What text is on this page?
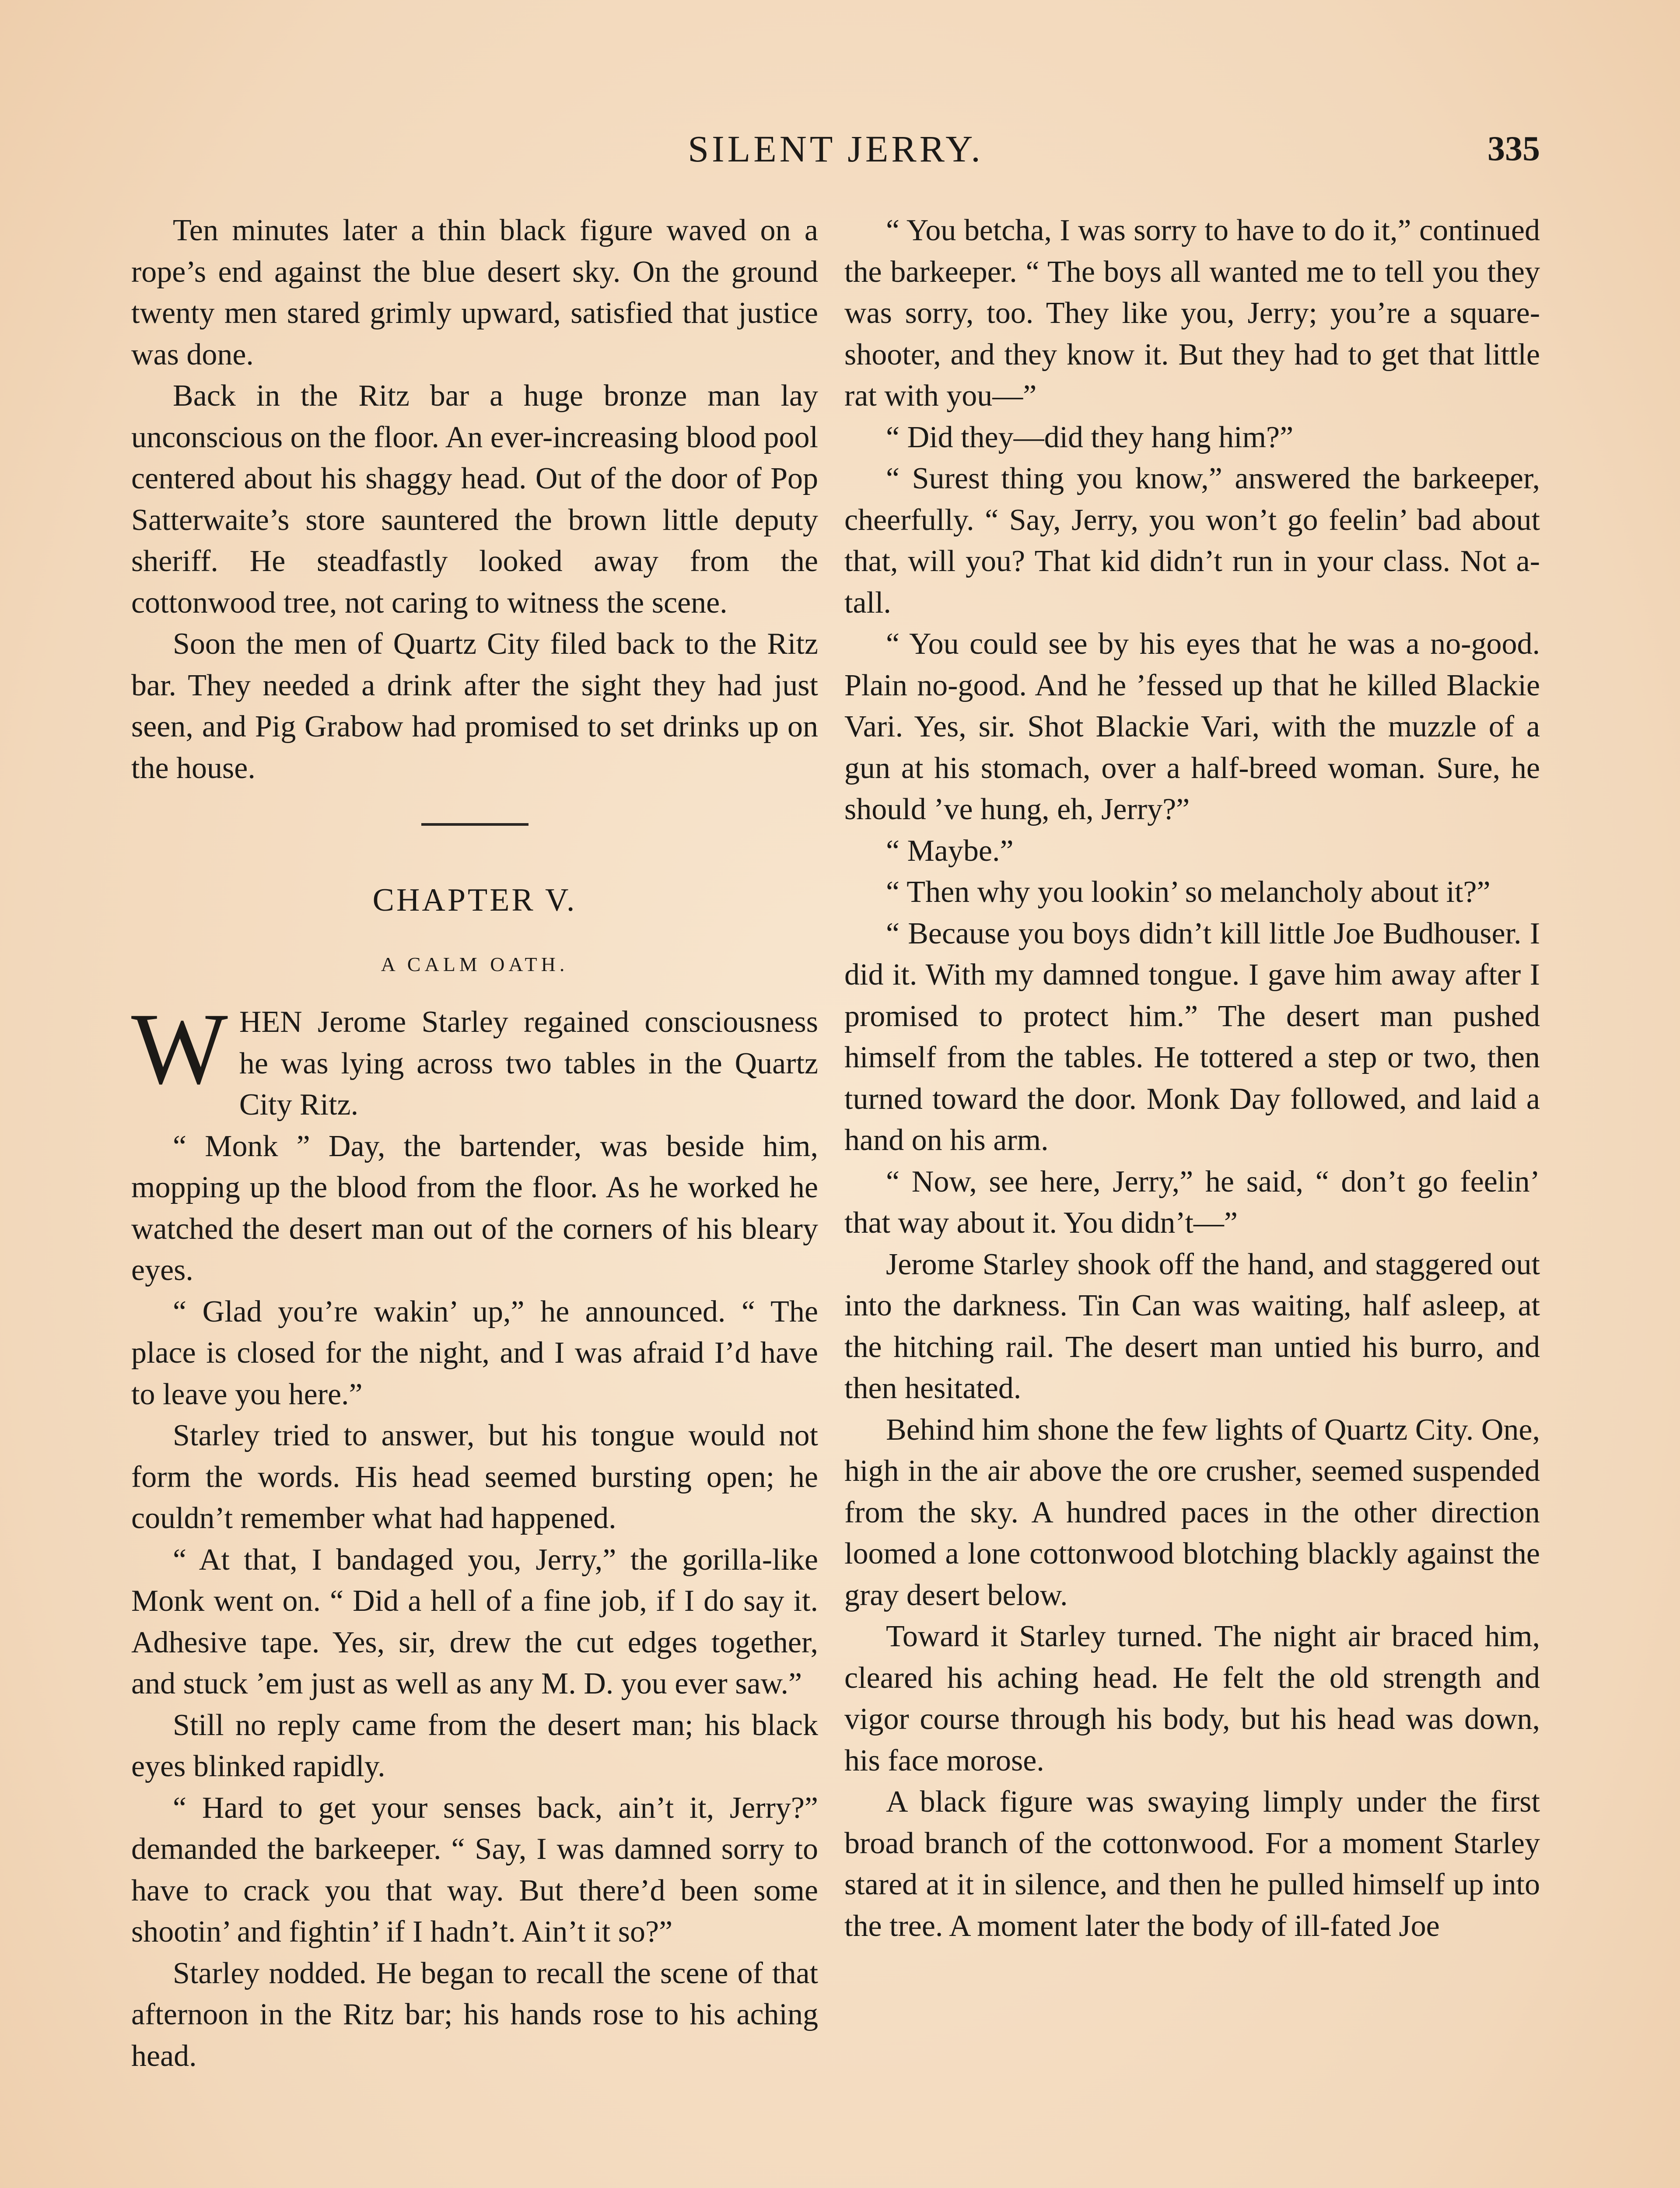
SILENT JERRY.	335

Ten minutes later a thin black figure waved on a rope’s end against the blue desert sky. On the ground twenty men stared grimly upward, satisfied that justice was done.

Back in the Ritz bar a huge bronze man lay unconscious on the floor. An ever-increasing blood pool centered about his shaggy head. Out of the door of Pop Satterwaite’s store sauntered the brown little deputy sheriff. He steadfastly looked away from the cottonwood tree, not caring to witness the scene.

Soon the men of Quartz City filed back to the Ritz bar. They needed a drink after the sight they had just seen, and Pig Grabow had promised to set drinks up on the house.

CHAPTER V.
A CALM OATH.

WHEN Jerome Starley regained consciousness he was lying across two tables in the Quartz City Ritz.

“ Monk ” Day, the bartender, was beside him, mopping up the blood from the floor. As he worked he watched the desert man out of the corners of his bleary eyes.

“ Glad you’re wakin’ up,” he announced. “ The place is closed for the night, and I was afraid I’d have to leave you here.”

Starley tried to answer, but his tongue would not form the words. His head seemed bursting open; he couldn’t remember what had happened.

“ At that, I bandaged you, Jerry,” the gorilla-like Monk went on. “ Did a hell of a fine job, if I do say it. Adhesive tape. Yes, sir, drew the cut edges together, and stuck ’em just as well as any M. D. you ever saw.”

Still no reply came from the desert man; his black eyes blinked rapidly.

“ Hard to get your senses back, ain’t it, Jerry?” demanded the barkeeper. “ Say, I was damned sorry to have to crack you that way. But there’d been some shootin’ and fightin’ if I hadn’t. Ain’t it so?”

Starley nodded. He began to recall the scene of that afternoon in the Ritz bar; his hands rose to his aching head.

“ You betcha, I was sorry to have to do it,” continued the barkeeper. “ The boys all wanted me to tell you they was sorry, too. They like you, Jerry; you’re a square-shooter, and they know it. But they had to get that little rat with you—”

“ Did they—did they hang him?”

“ Surest thing you know,” answered the barkeeper, cheerfully. “ Say, Jerry, you won’t go feelin’ bad about that, will you? That kid didn’t run in your class. Not a-tall.

“ You could see by his eyes that he was a no-good. Plain no-good. And he ’fessed up that he killed Blackie Vari. Yes, sir. Shot Blackie Vari, with the muzzle of a gun at his stomach, over a half-breed woman. Sure, he should ’ve hung, eh, Jerry?”

“ Maybe.”

“ Then why you lookin’ so melancholy about it?”

“ Because you boys didn’t kill little Joe Budhouser. I did it. With my damned tongue. I gave him away after I promised to protect him.” The desert man pushed himself from the tables. He tottered a step or two, then turned toward the door. Monk Day followed, and laid a hand on his arm.

“ Now, see here, Jerry,” he said, “ don’t go feelin’ that way about it. You didn’t—”

Jerome Starley shook off the hand, and staggered out into the darkness. Tin Can was waiting, half asleep, at the hitching rail. The desert man untied his burro, and then hesitated.

Behind him shone the few lights of Quartz City. One, high in the air above the ore crusher, seemed suspended from the sky. A hundred paces in the other direction loomed a lone cottonwood blotching blackly against the gray desert below.

Toward it Starley turned. The night air braced him, cleared his aching head. He felt the old strength and vigor course through his body, but his head was down, his face morose.

A black figure was swaying limply under the first broad branch of the cottonwood. For a moment Starley stared at it in silence, and then he pulled himself up into the tree. A moment later the body of ill-fated Joe
